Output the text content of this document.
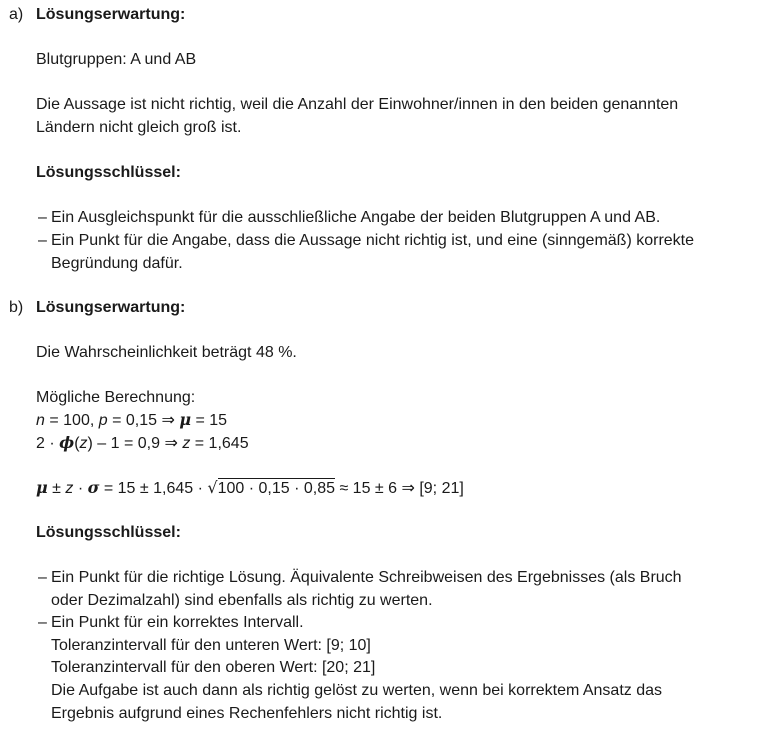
a) Lösungserwartung:
Blutgruppen: A und AB
Die Aussage ist nicht richtig, weil die Anzahl der Einwohner/innen in den beiden genannten
Ländern nicht gleich groß ist.
Lösungsschlüssel:
– Ein Ausgleichspunkt für die ausschließliche Angabe der beiden Blutgruppen A und AB.
– Ein Punkt für die Angabe, dass die Aussage nicht richtig ist, und eine (sinngemäß) korrekte
Begründung dafür.
b) Lösungserwartung:
Die Wahrscheinlichkeit beträgt 48 %.
Mögliche Berechnung:
n = 100, p = 0,15 ⇒ μ = 15
2 · ϕ(z) – 1 = 0,9 ⇒ z = 1,645
μ ± z · σ = 15 ± 1,645 · √100 · 0,15 · 0,85 ≈ 15 ± 6 ⇒ [9; 21]
Lösungsschlüssel:
– Ein Punkt für die richtige Lösung. Äquivalente Schreibweisen des Ergebnisses (als Bruch
oder Dezimalzahl) sind ebenfalls als richtig zu werten.
– Ein Punkt für ein korrektes Intervall.
Toleranzintervall für den unteren Wert: [9; 10]
Toleranzintervall für den oberen Wert: [20; 21]
Die Aufgabe ist auch dann als richtig gelöst zu werten, wenn bei korrektem Ansatz das
Ergebnis aufgrund eines Rechenfehlers nicht richtig ist.
